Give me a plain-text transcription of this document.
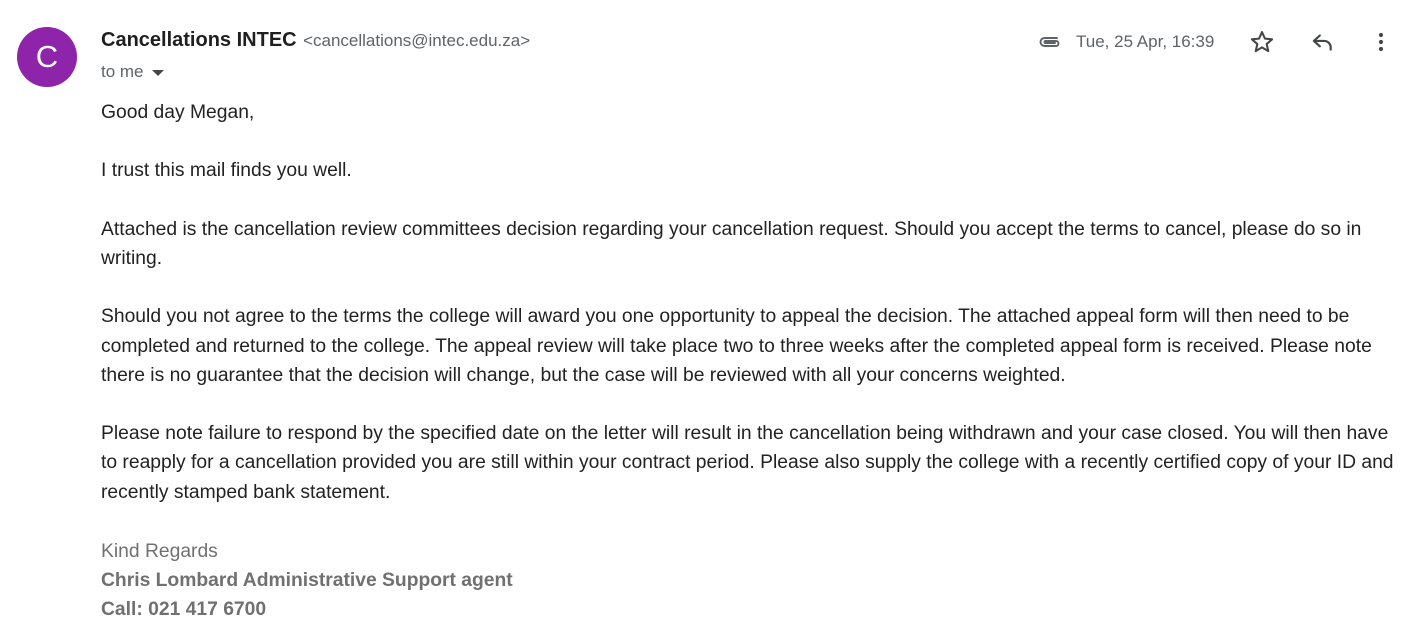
C Cancellations INTEC <cancellations@intec.edu.za>
to me
Tue, 25 Apr, 16:39

Good day Megan,

I trust this mail finds you well.

Attached is the cancellation review committees decision regarding your cancellation request. Should you accept the terms to cancel, please do so in writing.

Should you not agree to the terms the college will award you one opportunity to appeal the decision. The attached appeal form will then need to be completed and returned to the college. The appeal review will take place two to three weeks after the completed appeal form is received. Please note there is no guarantee that the decision will change, but the case will be reviewed with all your concerns weighted.

Please note failure to respond by the specified date on the letter will result in the cancellation being withdrawn and your case closed. You will then have to reapply for a cancellation provided you are still within your contract period. Please also supply the college with a recently certified copy of your ID and recently stamped bank statement.

Kind Regards
Chris Lombard Administrative Support agent
Call: 021 417 6700
